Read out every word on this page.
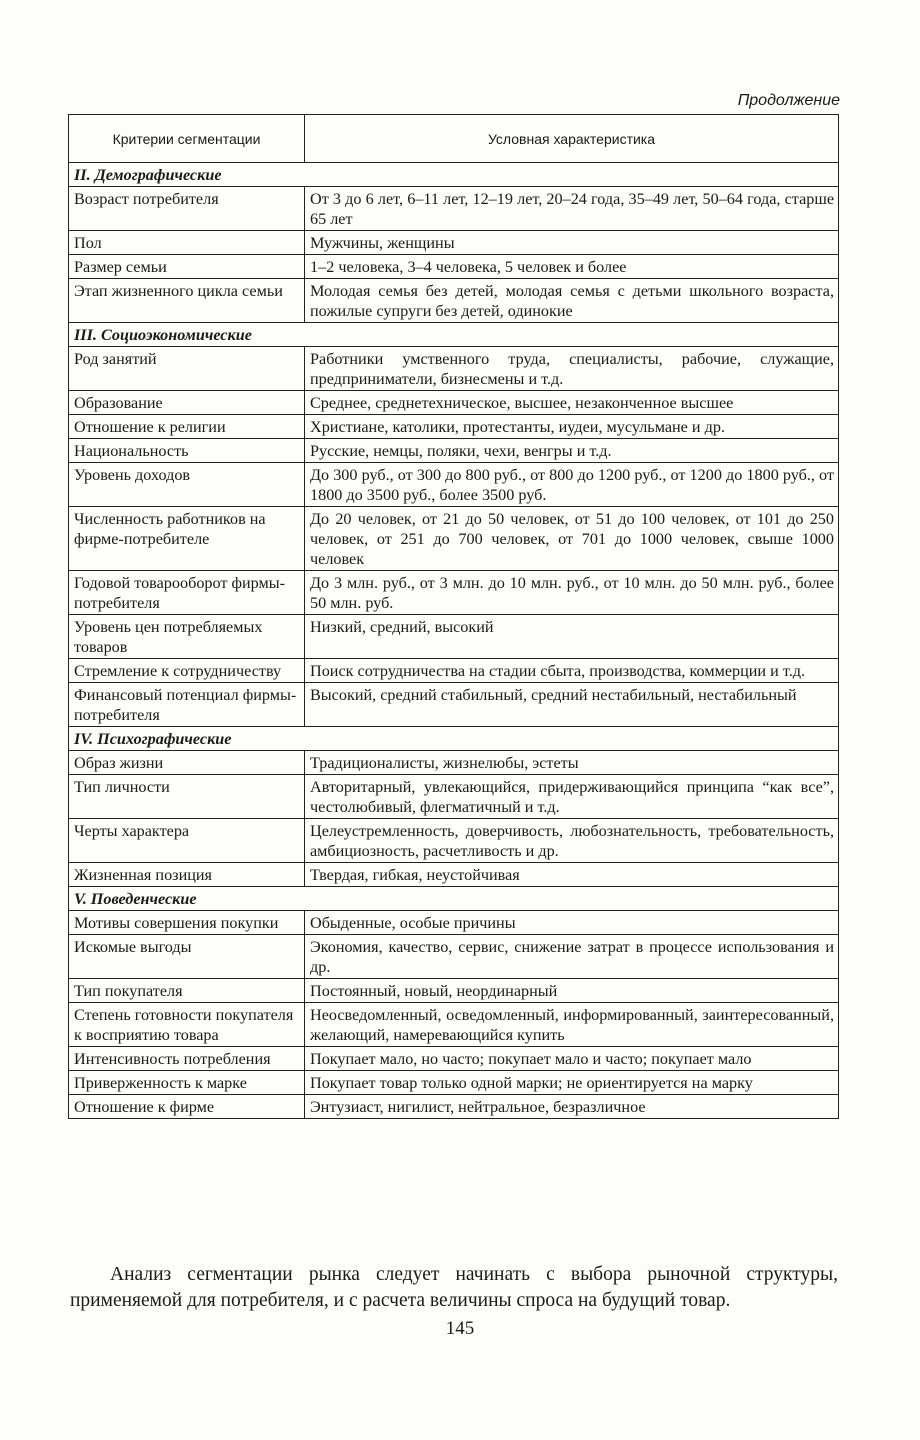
Продолжение
Критерии сегментации	Условная характеристика
II. Демографические	
Возраст потребителя	От 3 до 6 лет, 6–11 лет, 12–19 лет, 20–24 года, 35–49 лет, 50–64 года, старше 65 лет
Пол	Мужчины, женщины
Размер семьи	1–2 человека, 3–4 человека, 5 человек и более
Этап жизненного цикла семьи	Молодая семья без детей, молодая семья с детьми школьного возраста, пожилые супруги без детей, одинокие
III. Социоэкономические	
Род занятий	Работники умственного труда, специалисты, рабочие, служащие, предприниматели, бизнесмены и т.д.
Образование	Среднее, среднетехническое, высшее, незаконченное высшее
Отношение к религии	Христиане, католики, протестанты, иудеи, мусульмане и др.
Национальность	Русские, немцы, поляки, чехи, венгры и т.д.
Уровень доходов	До 300 руб., от 300 до 800 руб., от 800 до 1200 руб., от 1200 до 1800 руб., от 1800 до 3500 руб., более 3500 руб.
Численность работников на фирме-потребителе	До 20 человек, от 21 до 50 человек, от 51 до 100 человек, от 101 до 250 человек, от 251 до 700 человек, от 701 до 1000 человек, свыше 1000 человек
Годовой товарооборот фирмы-потребителя	До 3 млн. руб., от 3 млн. до 10 млн. руб., от 10 млн. до 50 млн. руб., более 50 млн. руб.
Уровень цен потребляемых товаров	Низкий, средний, высокий
Стремление к сотрудничеству	Поиск сотрудничества на стадии сбыта, производства, коммерции и т.д.
Финансовый потенциал фирмы-потребителя	Высокий, средний стабильный, средний нестабильный, нестабильный
IV. Психографические	
Образ жизни	Традиционалисты, жизнелюбы, эстеты
Тип личности	Авторитарный, увлекающийся, придерживающийся принципа “как все”, честолюбивый, флегматичный и т.д.
Черты характера	Целеустремленность, доверчивость, любознательность, требовательность, амбициозность, расчетливость и др.
Жизненная позиция	Твердая, гибкая, неустойчивая
V. Поведенческие	
Мотивы совершения покупки	Обыденные, особые причины
Искомые выгоды	Экономия, качество, сервис, снижение затрат в процессе использования и др.
Тип покупателя	Постоянный, новый, неординарный
Степень готовности покупателя к восприятию товара	Неосведомленный, осведомленный, информированный, заинтересованный, желающий, намеревающийся купить
Интенсивность потребления	Покупает мало, но часто; покупает мало и часто; покупает мало
Приверженность к марке	Покупает товар только одной марки; не ориентируется на марку
Отношение к фирме	Энтузиаст, нигилист, нейтральное, безразличное

Анализ сегментации рынка следует начинать с выбора рыночной структуры, применяемой для потребителя, и с расчета величины спроса на будущий товар.

145
